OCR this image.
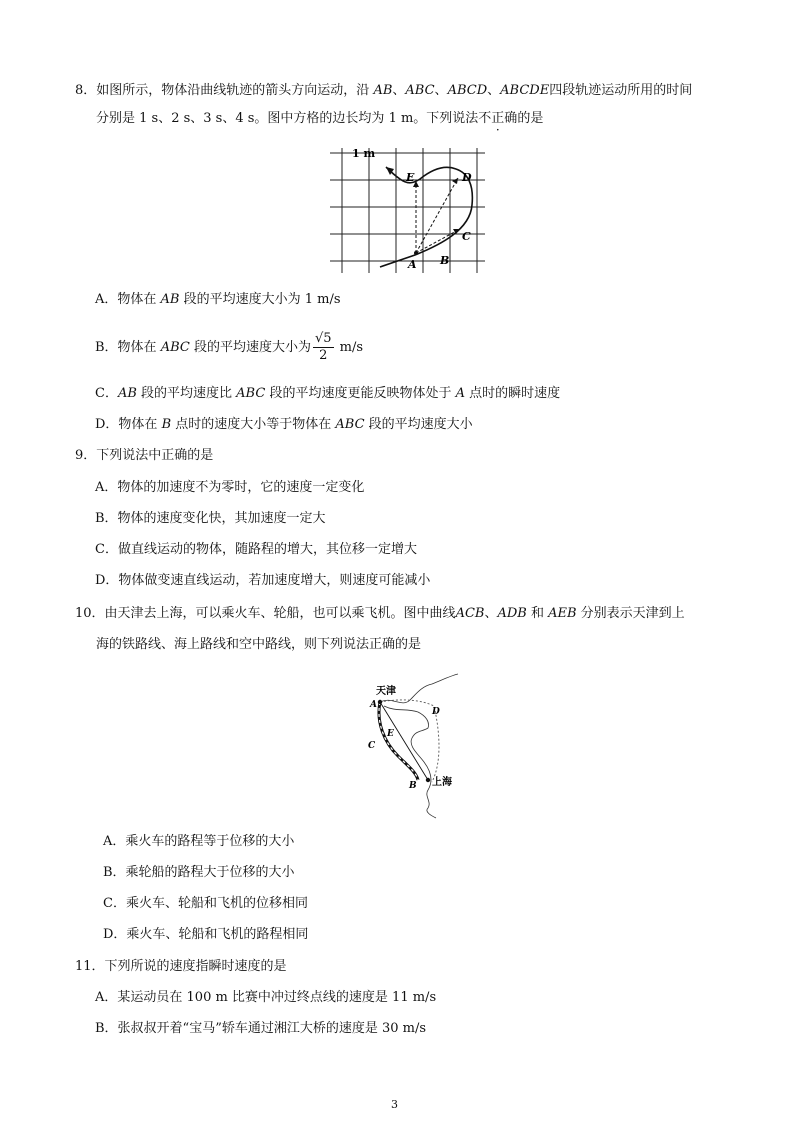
8．如图所示，物体沿曲线轨迹的箭头方向运动，沿 AB、ABC、ABCD、ABCDE四段轨迹运动所用的时间
分别是 1 s、2 s、3 s、4 s。图中方格的边长均为 1 m。下列说法不正确的是
1 m
A B
C
D
E
A．物体在 AB 段的平均速度大小为 1 m/s
B．物体在 ABC 段的平均速度大小为 $\frac{√5}{2} m/s$
C．AB 段的平均速度比 ABC 段的平均速度更能反映物体处于 A 点时的瞬时速度
D．物体在 B 点时的速度大小等于物体在 ABC 段的平均速度大小
9．下列说法中正确的是
A．物体的加速度不为零时，它的速度一定变化
B．物体的速度变化快，其加速度一定大
C．做直线运动的物体，随路程的增大，其位移一定增大
D．物体做变速直线运动，若加速度增大，则速度可能减小
10．由天津去上海，可以乘火车、轮船，也可以乘飞机。图中曲线ACB、ADB 和 AEB 分别表示天津到上
海的铁路线、海上路线和空中路线，则下列说法正确的是
天津
上海
A
B
C
D
E
A．乘火车的路程等于位移的大小
B．乘轮船的路程大于位移的大小
C．乘火车、轮船和飞机的位移相同
D．乘火车、轮船和飞机的路程相同
11．下列所说的速度指瞬时速度的是
A．某运动员在 100 m 比赛中冲过终点线的速度是 11 m/s
B．张叔叔开着“宝马”轿车通过湘江大桥的速度是 30 m/s
3
